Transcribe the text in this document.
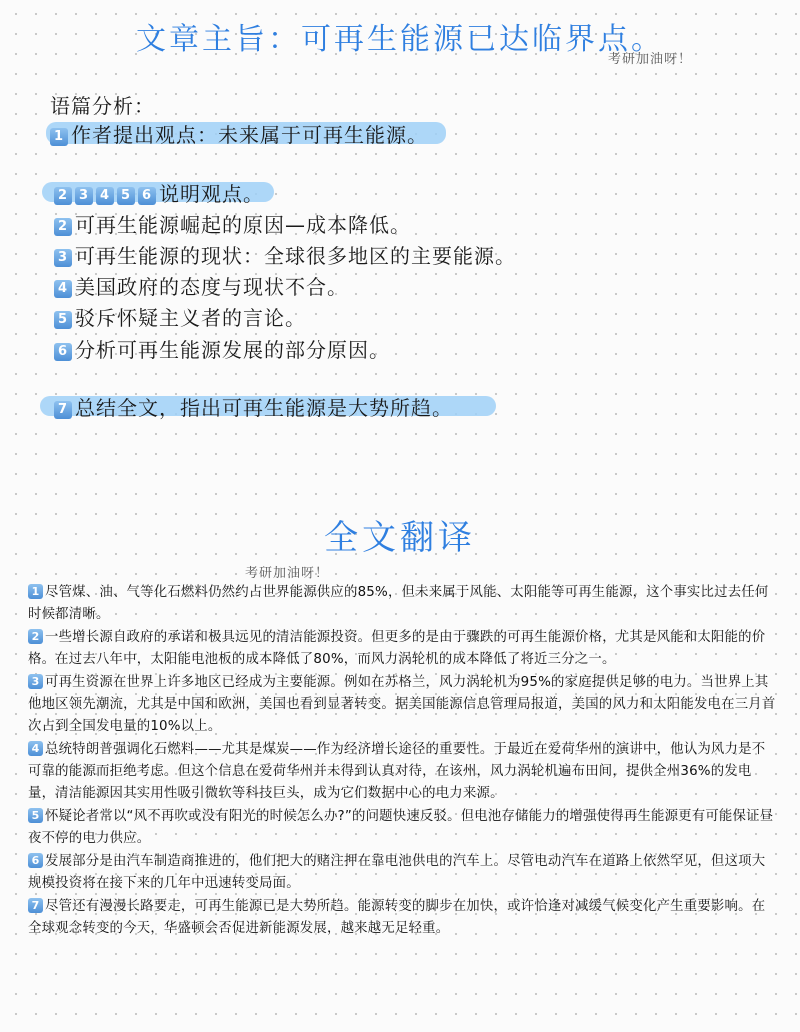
文章主旨：可再生能源已达临界点。
考研加油呀！
语篇分析：
1 作者提出观点：未来属于可再生能源。
2 3 4 5 6 说明观点。
2 可再生能源崛起的原因—成本降低。
3 可再生能源的现状：全球很多地区的主要能源。
4 美国政府的态度与现状不合。
5 驳斥怀疑主义者的言论。
6 分析可再生能源发展的部分原因。
7 总结全文，指出可再生能源是大势所趋。
全文翻译
考研加油呀！

1 尽管煤、油、气等化石燃料仍然约占世界能源供应的85%，但未来属于风能、太阳能等可再生能源，这个事实比过去任何时候都清晰。

2 一些增长源自政府的承诺和极具远见的清洁能源投资。但更多的是由于骤跌的可再生能源价格，尤其是风能和太阳能的价格。在过去八年中，太阳能电池板的成本降低了80%，而风力涡轮机的成本降低了将近三分之一。

3 可再生资源在世界上许多地区已经成为主要能源。例如在苏格兰，风力涡轮机为95%的家庭提供足够的电力。当世界上其他地区领先潮流，尤其是中国和欧洲，美国也看到显著转变。据美国能源信息管理局报道，美国的风力和太阳能发电在三月首次占到全国发电量的10%以上。

4 总统特朗普强调化石燃料——尤其是煤炭——作为经济增长途径的重要性。于最近在爱荷华州的演讲中，他认为风力是不可靠的能源而拒绝考虑。但这个信息在爱荷华州并未得到认真对待，在该州，风力涡轮机遍布田间，提供全州36%的发电量，清洁能源因其实用性吸引微软等科技巨头，成为它们数据中心的电力来源。

5 怀疑论者常以“风不再吹或没有阳光的时候怎么办?”的问题快速反驳。但电池存储能力的增强使得再生能源更有可能保证昼夜不停的电力供应。

6 发展部分是由汽车制造商推进的，他们把大的赌注押在靠电池供电的汽车上。尽管电动汽车在道路上依然罕见，但这项大规模投资将在接下来的几年中迅速转变局面。

7 尽管还有漫漫长路要走，可再生能源已是大势所趋。能源转变的脚步在加快，或许恰逢对减缓气候变化产生重要影响。在全球观念转变的今天，华盛顿会否促进新能源发展，越来越无足轻重。
